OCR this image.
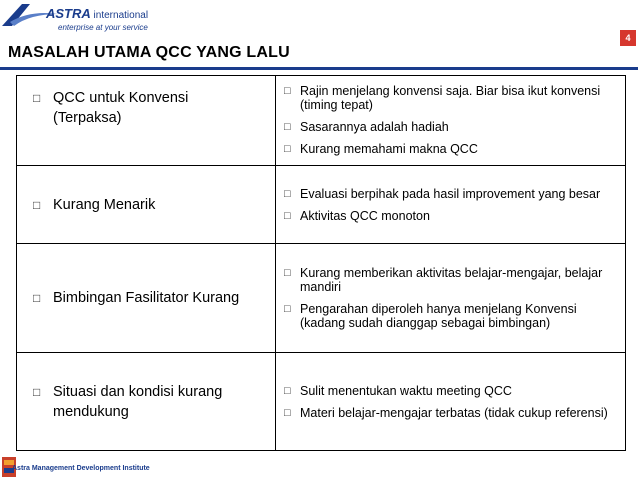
ASTRA international
enterprise at your service
4
MASALAH UTAMA QCC YANG LALU
□ QCC untuk Konvensi (Terpaksa)
□ Rajin menjelang konvensi saja. Biar bisa ikut konvensi (timing tepat)
□ Sasarannya adalah hadiah
□ Kurang memahami makna QCC
□ Kurang Menarik
□ Evaluasi berpihak pada hasil improvement yang besar
□ Aktivitas QCC monoton
□ Bimbingan Fasilitator Kurang
□ Kurang memberikan aktivitas belajar-mengajar, belajar mandiri
□ Pengarahan diperoleh hanya menjelang Konvensi (kadang sudah dianggap sebagai bimbingan)
□ Situasi dan kondisi kurang mendukung
□ Sulit menentukan waktu meeting QCC
□ Materi belajar-mengajar terbatas (tidak cukup referensi)
Astra Management Development Institute
